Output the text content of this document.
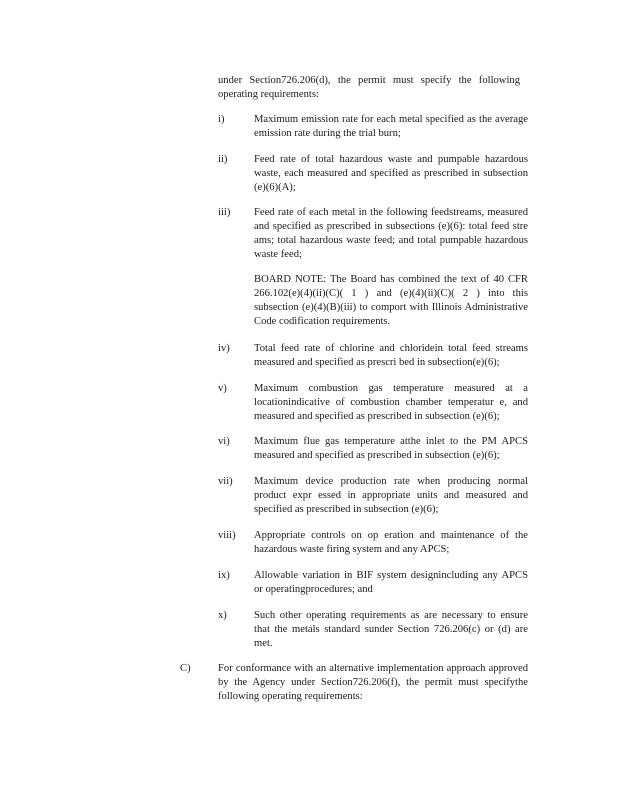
under Section726.206(d), the permit must specify the following operating requirements:
i)	Maximum emission rate for each metal specified as the average emission rate during the trial burn;
ii)	Feed rate of total hazardous waste and pumpable hazardous waste, each measured and specified as prescribed in subsection (e)(6)(A);
iii)	Feed rate of each metal in the following feedstreams, measured and specified as prescribed in subsections (e)(6): total feed stre ams; total hazardous waste feed; and total pumpable hazardous waste feed;
BOARD NOTE: The Board has combined the text of 40 CFR 266.102(e)(4)(ii)(C)( 1 ) and (e)(4)(ii)(C)( 2 ) into this subsection (e)(4)(B)(iii) to comport with Illinois Administrative Code codification requirements.
iv)	Total feed rate of chlorine and chloridein total feed streams measured and specified as prescri bed in subsection(e)(6);
v)	Maximum combustion gas temperature measured at a locationindicative of combustion chamber temperatur e, and measured and specified as prescribed in subsection (e)(6);
vi)	Maximum flue gas temperature atthe inlet to the PM APCS measured and specified as prescribed in subsection (e)(6);
vii)	Maximum device production rate when producing normal product expr essed in appropriate units and measured and specified as prescribed in subsection (e)(6);
viii)	Appropriate controls on op eration and maintenance of the hazardous waste firing system and any APCS;
ix)	Allowable variation in BIF system designincluding any APCS or operatingprocedures; and
x)	Such other operating requirements as are necessary to ensure that the metals standard sunder Section 726.206(c) or (d) are met.
C)	For conformance with an alternative implementation approach approved by the Agency under Section726.206(f), the permit must specifythe following operating requirements:
